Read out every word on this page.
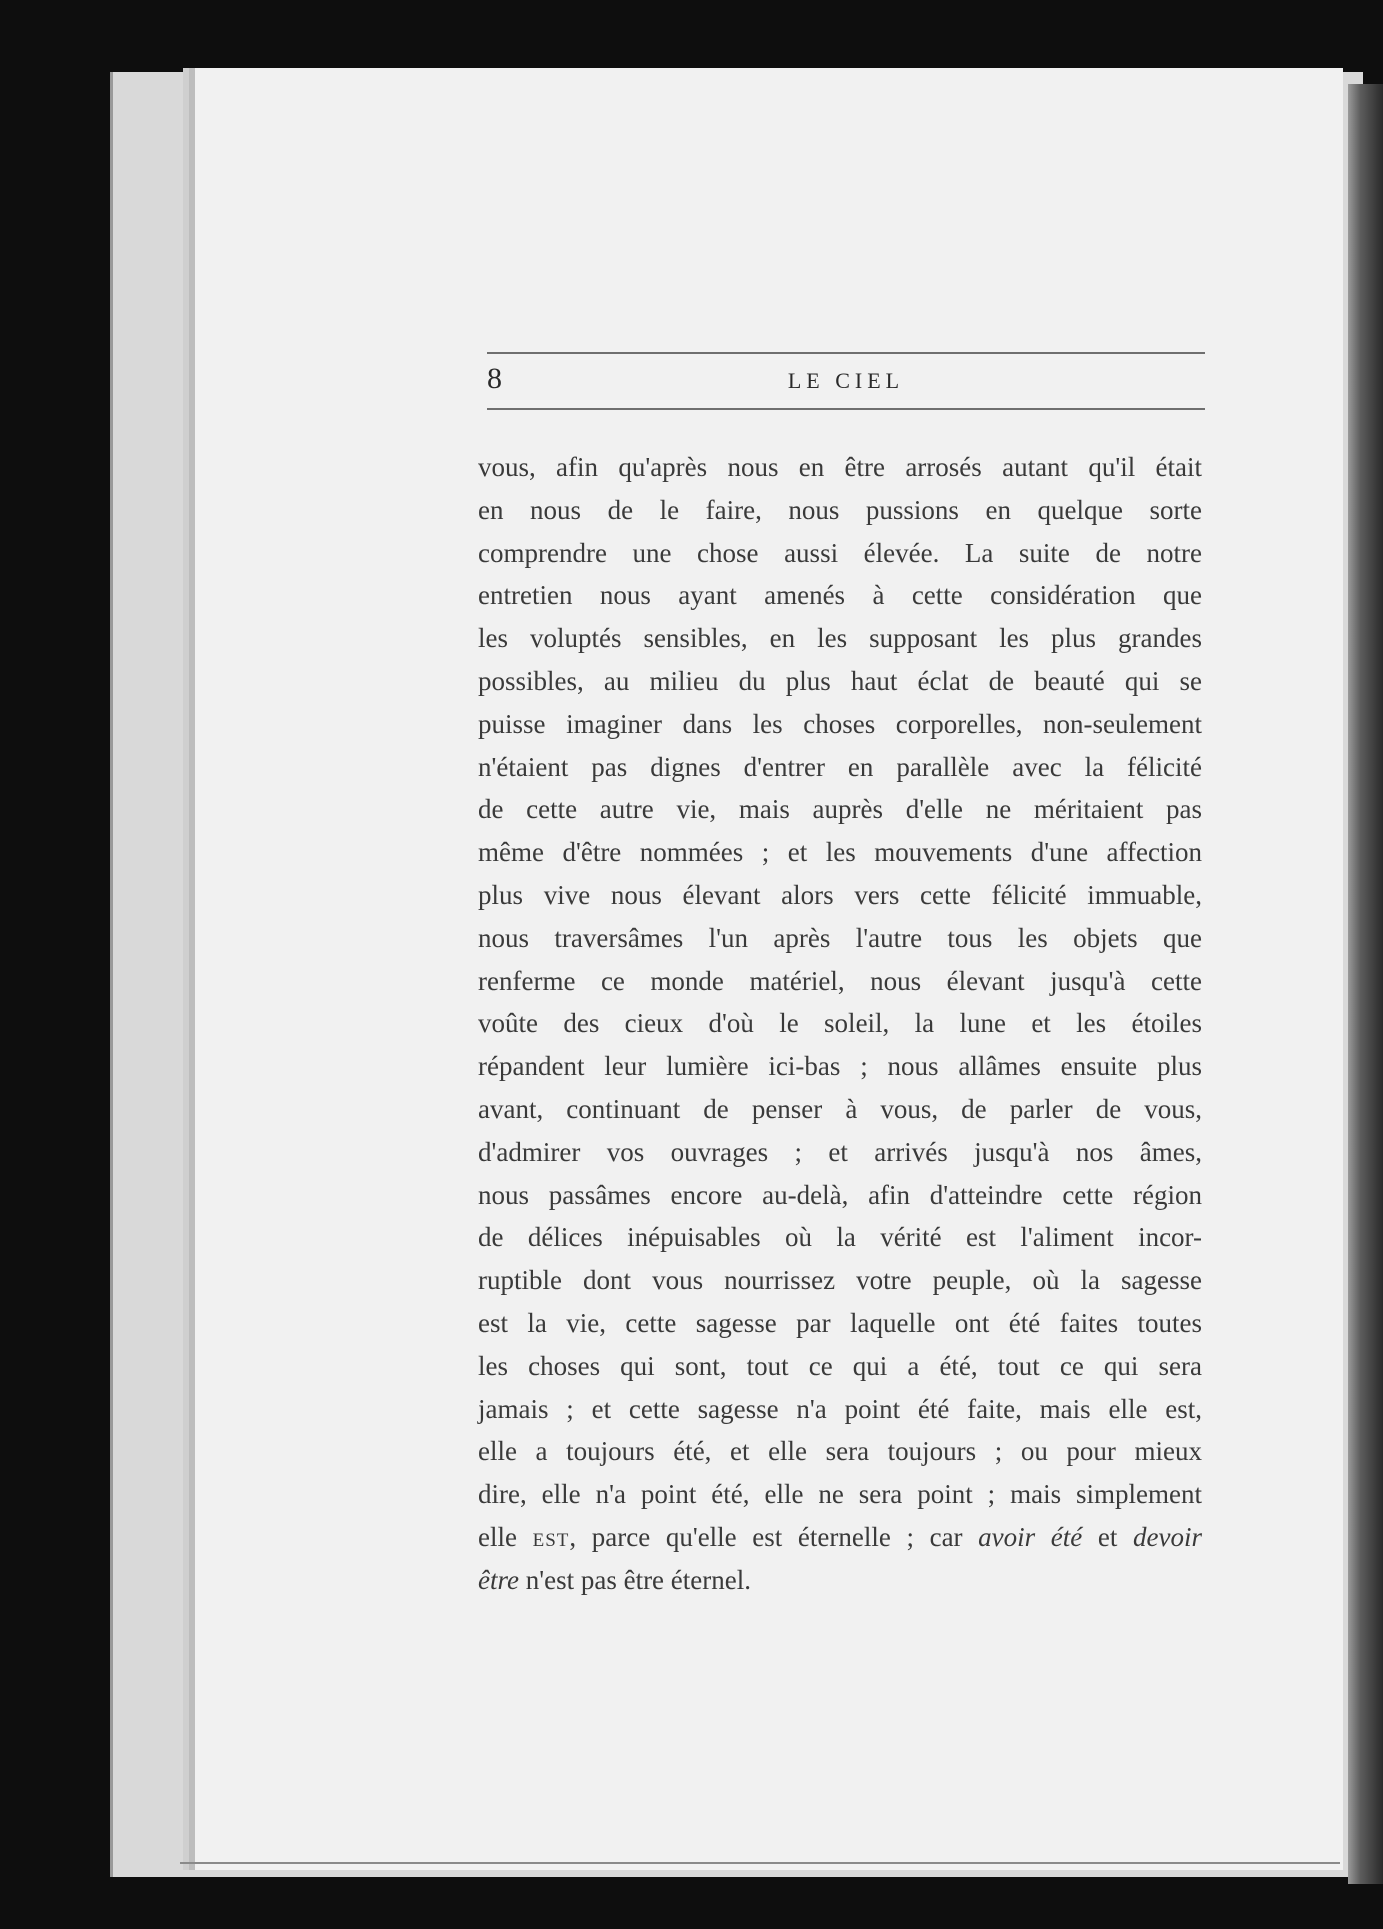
8	LE CIEL
vous, afin qu'après nous en être arrosés autant qu'il était
en nous de le faire, nous pussions en quelque sorte
comprendre une chose aussi élevée. La suite de notre
entretien nous ayant amenés à cette considération que
les voluptés sensibles, en les supposant les plus grandes
possibles, au milieu du plus haut éclat de beauté qui se
puisse imaginer dans les choses corporelles, non-seulement
n'étaient pas dignes d'entrer en parallèle avec la félicité
de cette autre vie, mais auprès d'elle ne méritaient pas
même d'être nommées ; et les mouvements d'une affection
plus vive nous élevant alors vers cette félicité immuable,
nous traversâmes l'un après l'autre tous les objets que
renferme ce monde matériel, nous élevant jusqu'à cette
voûte des cieux d'où le soleil, la lune et les étoiles
répandent leur lumière ici-bas ; nous allâmes ensuite plus
avant, continuant de penser à vous, de parler de vous,
d'admirer vos ouvrages ; et arrivés jusqu'à nos âmes,
nous passâmes encore au-delà, afin d'atteindre cette région
de délices inépuisables où la vérité est l'aliment incor-
ruptible dont vous nourrissez votre peuple, où la sagesse
est la vie, cette sagesse par laquelle ont été faites toutes
les choses qui sont, tout ce qui a été, tout ce qui sera
jamais ; et cette sagesse n'a point été faite, mais elle est,
elle a toujours été, et elle sera toujours ; ou pour mieux
dire, elle n'a point été, elle ne sera point ; mais simplement
elle est, parce qu'elle est éternelle ; car avoir été et devoir
être n'est pas être éternel.
